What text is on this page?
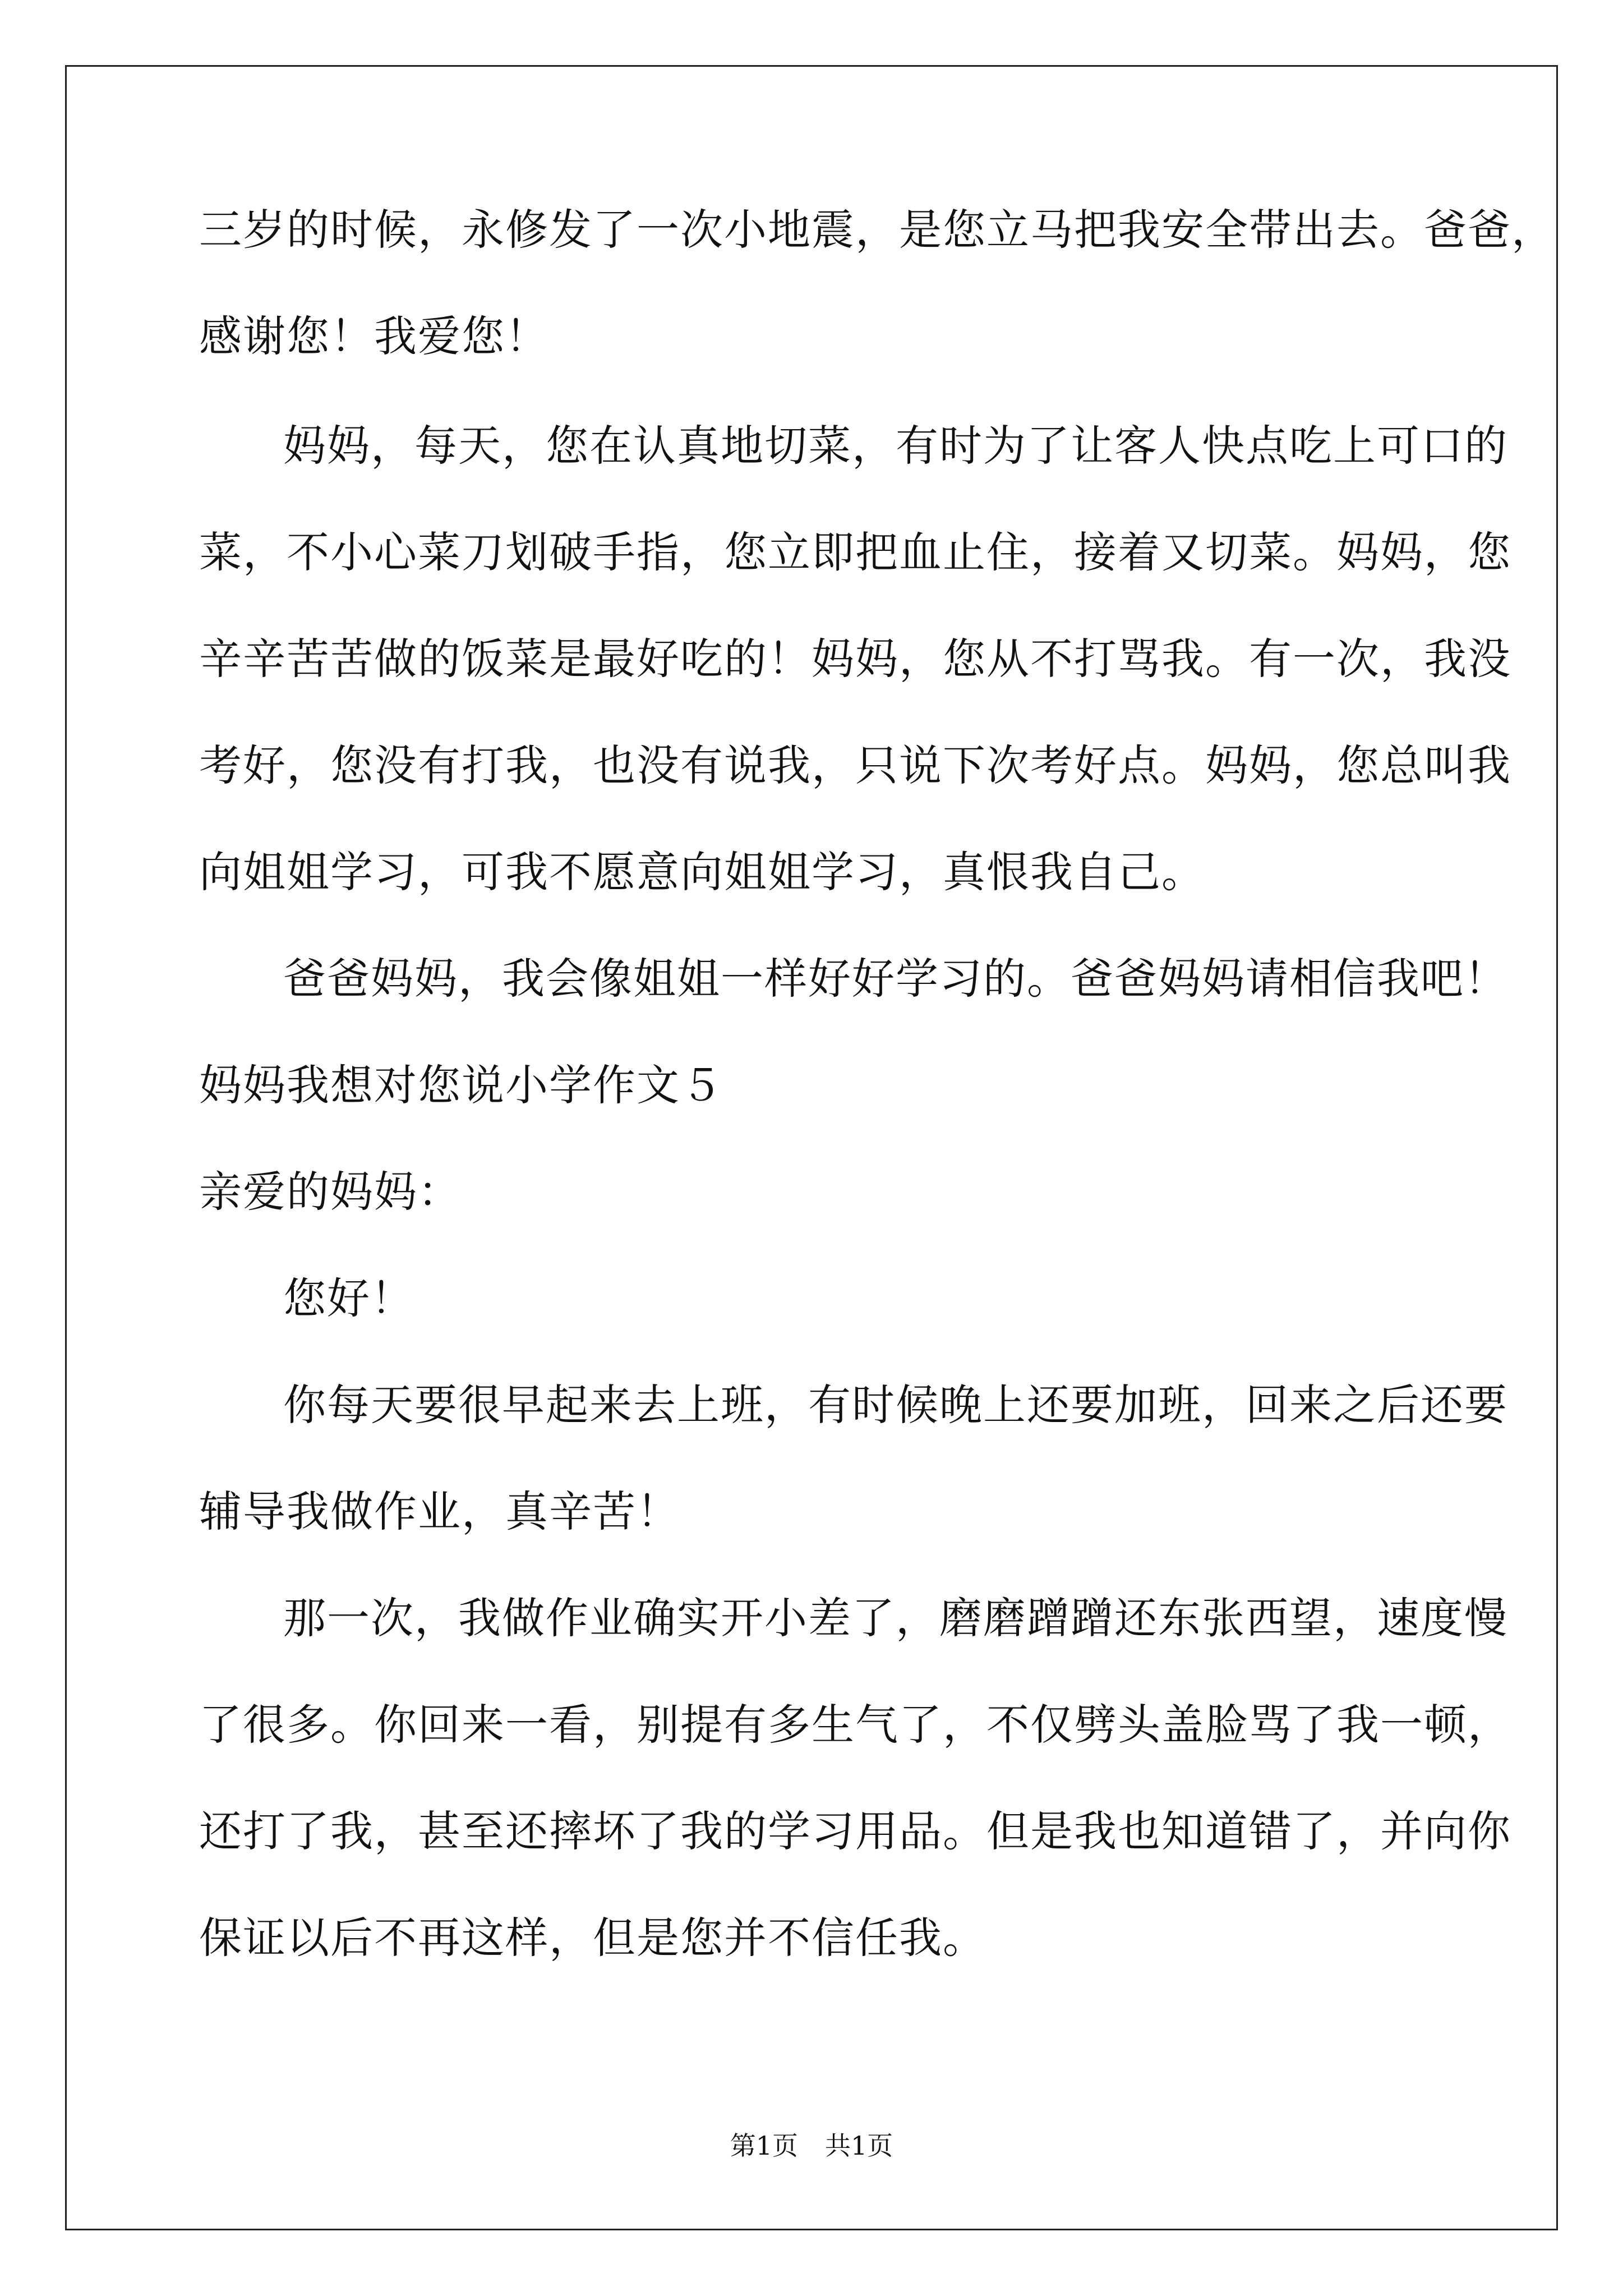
三岁的时候，永修发了一次小地震，是您立马把我安全带出去。爸爸，
感谢您！我爱您！
妈妈，每天，您在认真地切菜，有时为了让客人快点吃上可口的
菜，不小心菜刀划破手指，您立即把血止住，接着又切菜。妈妈，您
辛辛苦苦做的饭菜是最好吃的！妈妈，您从不打骂我。有一次，我没
考好，您没有打我，也没有说我，只说下次考好点。妈妈，您总叫我
向姐姐学习，可我不愿意向姐姐学习，真恨我自己。
爸爸妈妈，我会像姐姐一样好好学习的。爸爸妈妈请相信我吧！
妈妈我想对您说小学作文５
亲爱的妈妈：
您好！
你每天要很早起来去上班，有时候晚上还要加班，回来之后还要
辅导我做作业，真辛苦！
那一次，我做作业确实开小差了，磨磨蹭蹭还东张西望，速度慢
了很多。你回来一看，别提有多生气了，不仅劈头盖脸骂了我一顿，
还打了我，甚至还摔坏了我的学习用品。但是我也知道错了，并向你
保证以后不再这样，但是您并不信任我。
第1页 共1页
